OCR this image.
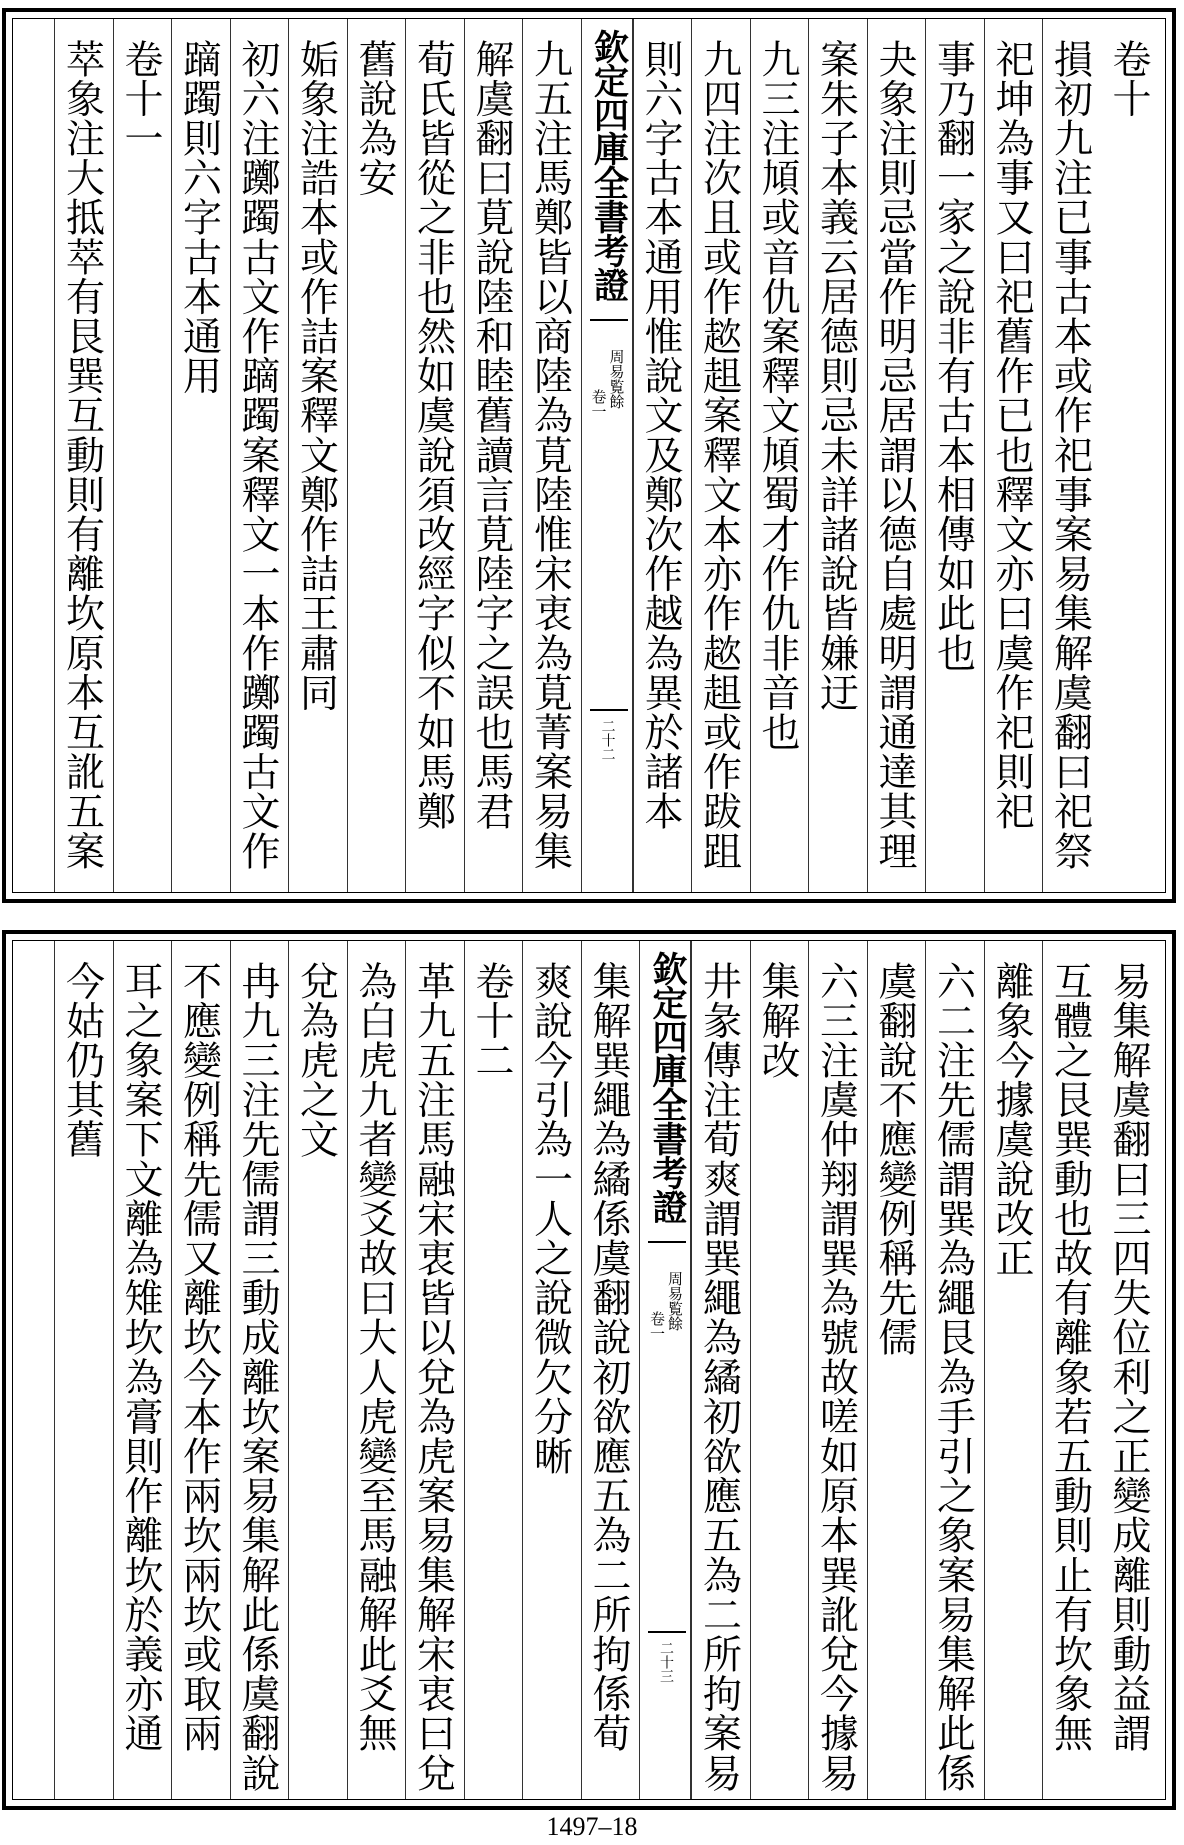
卷十
損初九注已事古本或作祀事案易集解虞翻曰祀祭
祀坤為事又曰祀舊作已也釋文亦曰虞作祀則祀
事乃翻一家之說非有古本相傳如此也
夬象注則忌當作明忌居謂以德自處明謂通達其理
案朱子本義云居德則忌未詳諸說皆嫌迂
九三注頄或音仇案釋文頄蜀才作仇非音也
九四注次且或作趑趄案釋文本亦作趑趄或作跋跙
則六字古本通用惟說文及鄭次作越為異於諸本
欽定四庫全書考證
周易覧餘
卷一
二十二
九五注馬鄭皆以商陸為莧陸惟宋衷為莧菁案易集
解虞翻曰莧說陸和睦舊讀言莧陸字之誤也馬君
荀氏皆從之非也然如虞說須改經字似不如馬鄭
舊說為安
姤象注誥本或作詰案釋文鄭作詰王肅同
初六注躑躅古文作蹢躅案釋文一本作躑躅古文作
蹢躅則六字古本通用
卷十一
萃象注大抵萃有艮巽互動則有離坎原本互訛五案
易集解虞翻曰三四失位利之正變成離則動益謂
互體之艮巽動也故有離象若五動則止有坎象無
離象今據虞說改正
六二注先儒謂巽為繩艮為手引之象案易集解此係
虞翻說不應變例稱先儒
六三注虞仲翔謂巽為號故嗟如原本巽訛兌今據易
集解改
井彖傳注荀爽謂巽繩為繘初欲應五為二所拘案易
欽定四庫全書考證
周易覧餘
卷一
二十三
集解巽繩為繘係虞翻說初欲應五為二所拘係荀
爽說今引為一人之說微欠分晰
卷十二
革九五注馬融宋衷皆以兌為虎案易集解宋衷曰兌
為白虎九者變爻故曰大人虎變至馬融解此爻無
兌為虎之文
冉九三注先儒謂三動成離坎案易集解此係虞翻說
不應變例稱先儒又離坎今本作兩坎兩坎或取兩
耳之象案下文離為雉坎為膏則作離坎於義亦通
今姑仍其舊
1497–18
